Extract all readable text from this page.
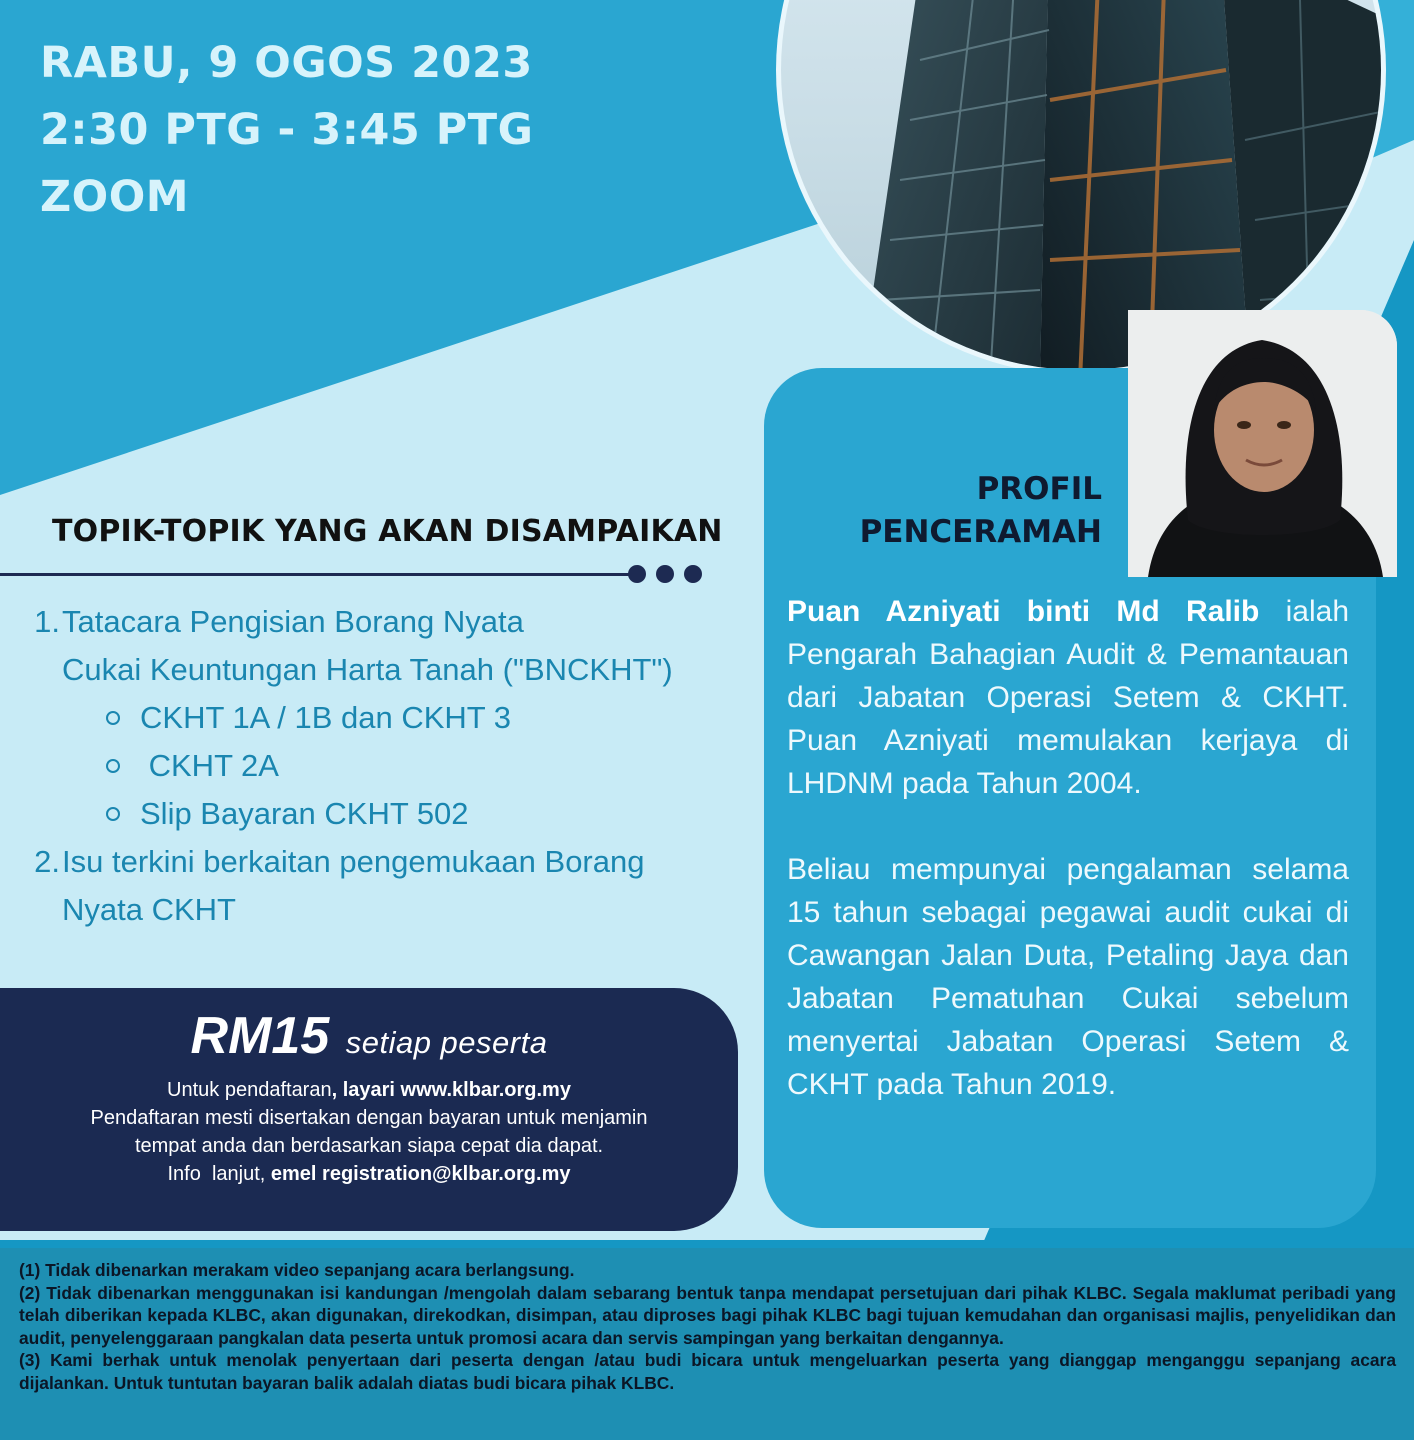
RABU, 9 OGOS 2023
2:30 PTG - 3:45 PTG
ZOOM
TOPIK-TOPIK YANG AKAN DISAMPAIKAN
1. Tatacara Pengisian Borang Nyata
Cukai Keuntungan Harta Tanah ("BNCKHT")
CKHT 1A / 1B dan CKHT 3
CKHT 2A
Slip Bayaran CKHT 502
2. Isu terkini berkaitan pengemukaan Borang
Nyata CKHT
RM15 setiap peserta
Untuk pendaftaran, layari www.klbar.org.my
Pendaftaran mesti disertakan dengan bayaran untuk menjamin
tempat anda dan berdasarkan siapa cepat dia dapat.
Info  lanjut, emel registration@klbar.org.my
PROFIL
PENCERAMAH

Puan Azniyati binti Md Ralib ialah Pengarah Bahagian Audit & Pemantauan dari Jabatan Operasi Setem & CKHT. Puan Azniyati memulakan kerjaya di LHDNM pada Tahun 2004.

Beliau mempunyai pengalaman selama 15 tahun sebagai pegawai audit cukai di Cawangan Jalan Duta, Petaling Jaya dan Jabatan Pematuhan Cukai sebelum menyertai Jabatan Operasi Setem & CKHT pada Tahun 2019.

(1) Tidak dibenarkan merakam video sepanjang acara berlangsung.

(2) Tidak dibenarkan menggunakan isi kandungan /mengolah dalam sebarang bentuk tanpa mendapat persetujuan dari pihak KLBC. Segala maklumat peribadi yang telah diberikan kepada KLBC, akan digunakan, direkodkan, disimpan, atau diproses bagi pihak KLBC bagi tujuan kemudahan dan organisasi majlis, penyelidikan dan audit, penyelenggaraan pangkalan data peserta untuk promosi acara dan servis sampingan yang berkaitan dengannya.

(3) Kami berhak untuk menolak penyertaan dari peserta dengan /atau budi bicara untuk mengeluarkan peserta yang dianggap menganggu sepanjang acara dijalankan. Untuk tuntutan bayaran balik adalah diatas budi bicara pihak KLBC.
